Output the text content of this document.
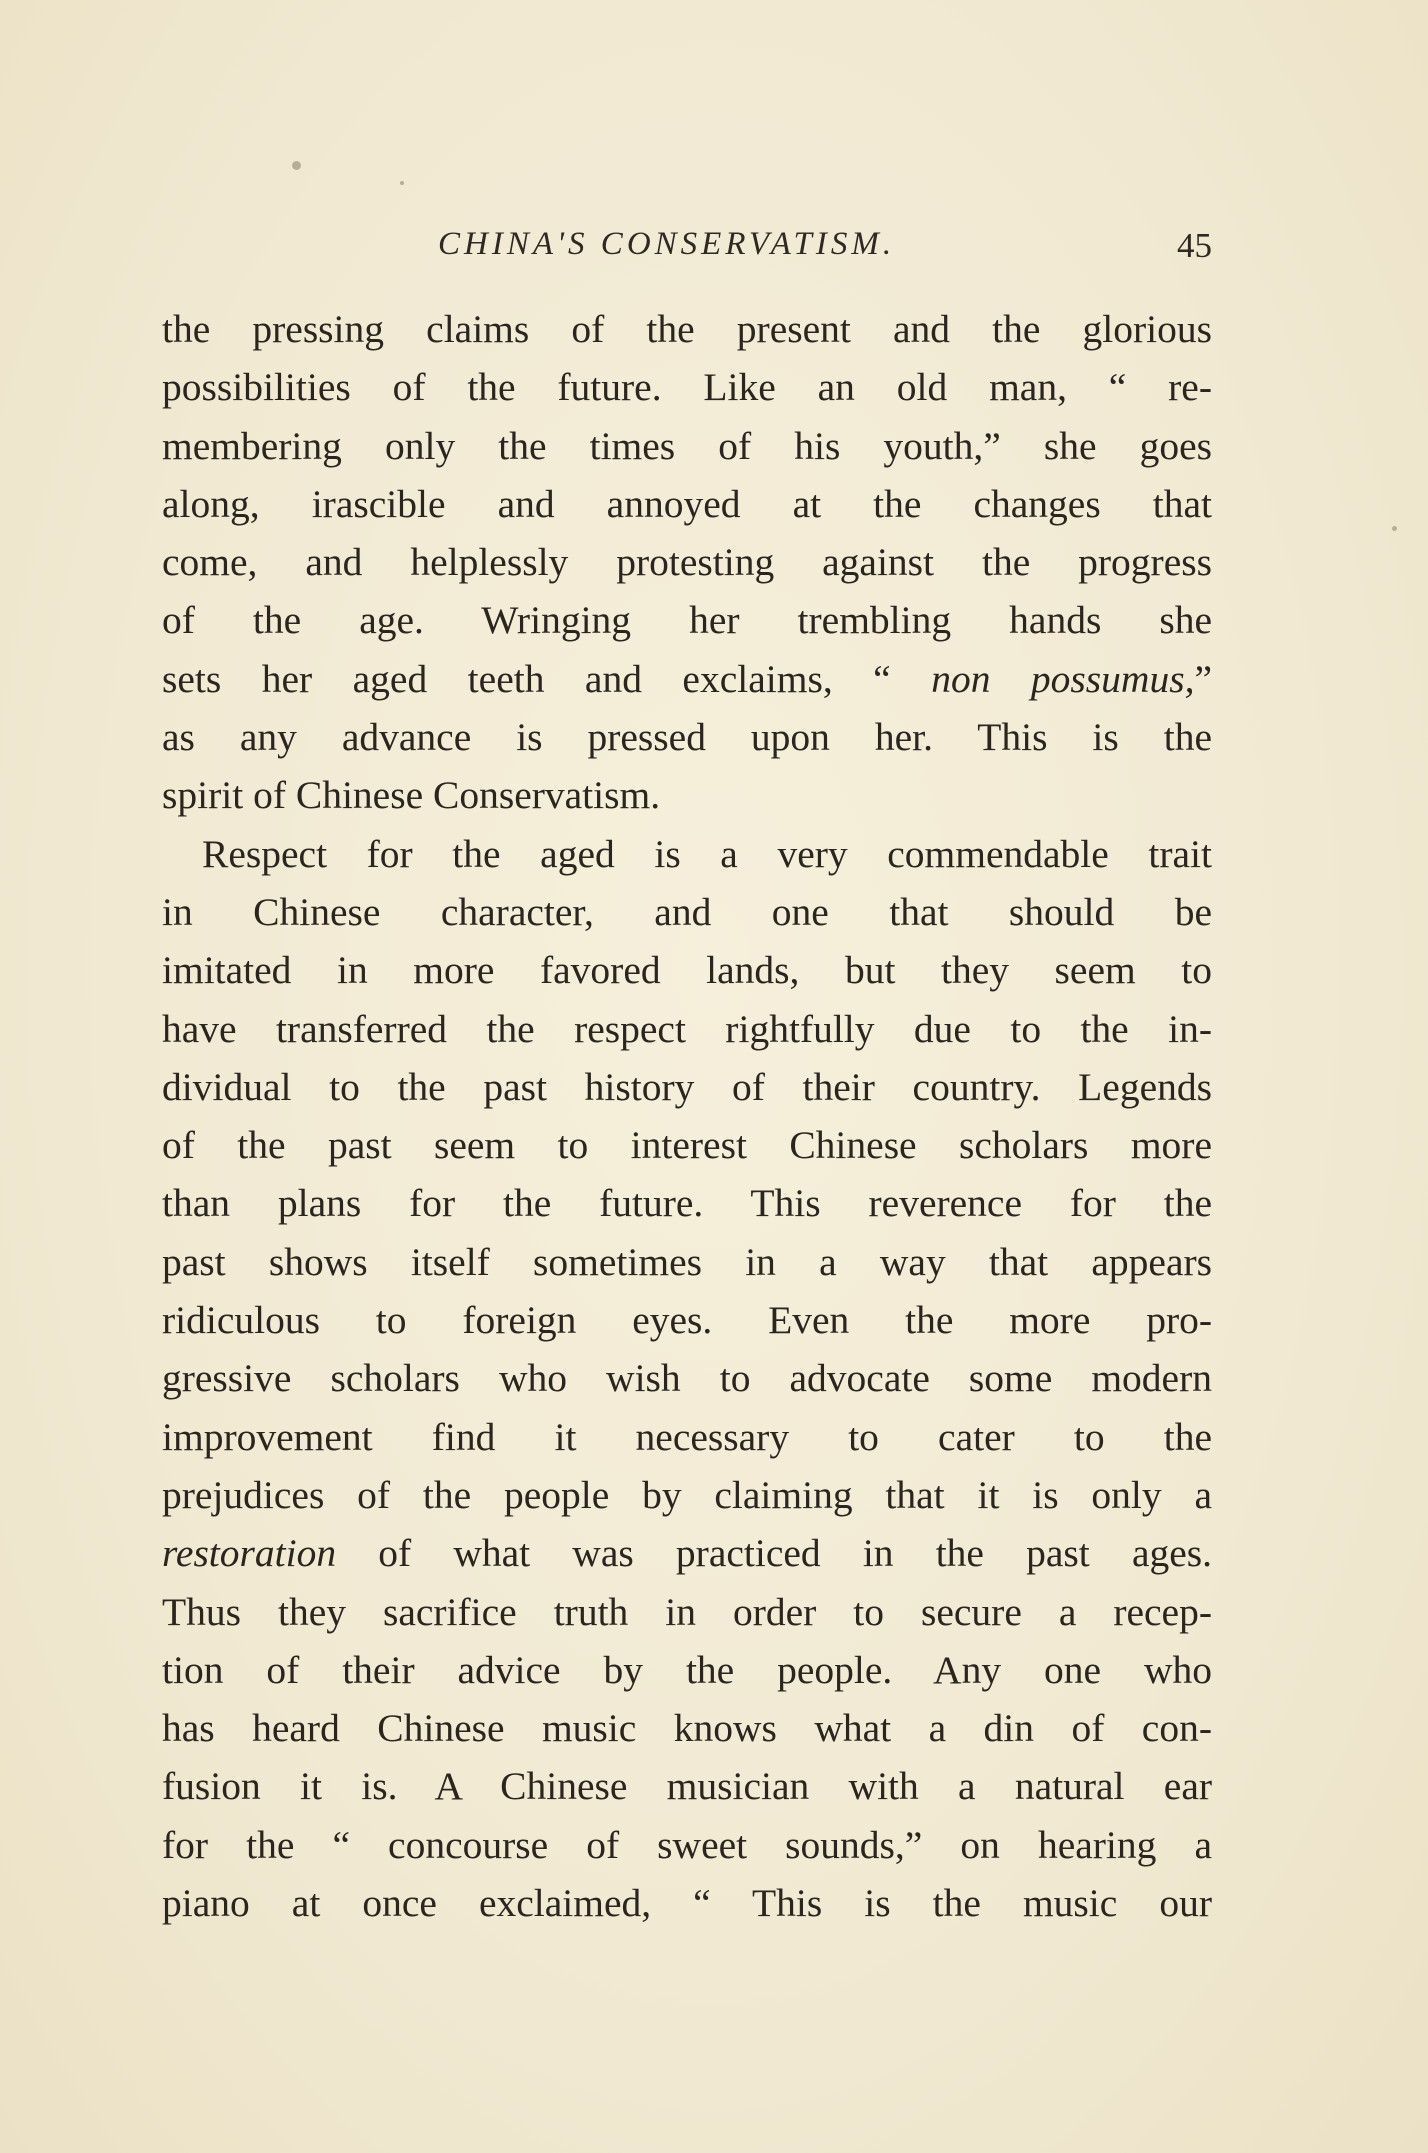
CHINA'S CONSERVATISM.	45
the pressing claims of the present and the glorious
possibilities of the future. Like an old man, “ re-
membering only the times of his youth,” she goes
along, irascible and annoyed at the changes that
come, and helplessly protesting against the progress
of the age. Wringing her trembling hands she
sets her aged teeth and exclaims, “ non possumus,”
as any advance is pressed upon her. This is the
spirit of Chinese Conservatism.
Respect for the aged is a very commendable trait
in Chinese character, and one that should be
imitated in more favored lands, but they seem to
have transferred the respect rightfully due to the in-
dividual to the past history of their country. Legends
of the past seem to interest Chinese scholars more
than plans for the future. This reverence for the
past shows itself sometimes in a way that appears
ridiculous to foreign eyes. Even the more pro-
gressive scholars who wish to advocate some modern
improvement find it necessary to cater to the
prejudices of the people by claiming that it is only a
restoration of what was practiced in the past ages.
Thus they sacrifice truth in order to secure a recep-
tion of their advice by the people. Any one who
has heard Chinese music knows what a din of con-
fusion it is. A Chinese musician with a natural ear
for the “ concourse of sweet sounds,” on hearing a
piano at once exclaimed, “ This is the music our
